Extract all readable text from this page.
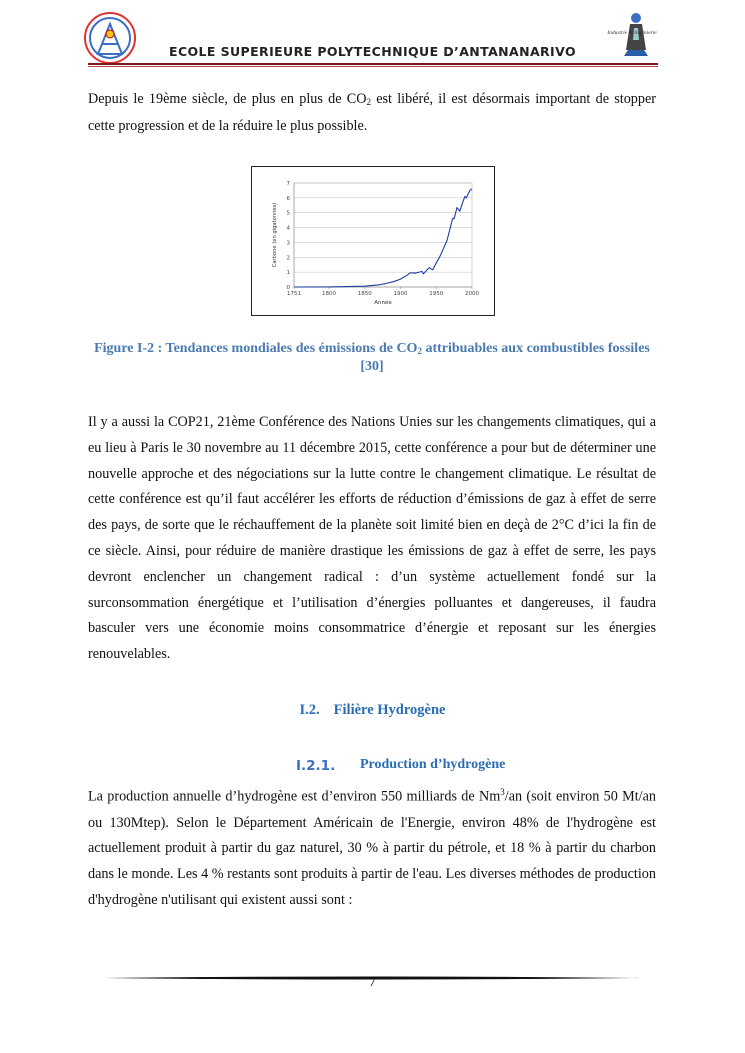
Industrie & Ingénierie
ECOLE SUPERIEURE POLYTECHNIQUE D’ANTANANARIVO
Depuis le 19ème siècle, de plus en plus de $CO_2$ est libéré, il est désormais important de stopper cette progression et de la réduire le plus possible.
0
1
2
3
4
5
6
7
1751	1800	1850	1900	1950	2000
Année
Carbone (en gigatonnes)
Figure I-2 : Tendances mondiales des émissions de $CO_2$ attribuables aux combustibles fossiles [30]
Il y a aussi la COP21, 21ème Conférence des Nations Unies sur les changements climatiques, qui a eu lieu à Paris le 30 novembre au 11 décembre 2015, cette conférence a pour but de déterminer une nouvelle approche et des négociations sur la lutte contre le changement climatique. Le résultat de cette conférence est qu’il faut accélérer les efforts de réduction d’émissions de gaz à effet de serre des pays, de sorte que le réchauffement de la planète soit limité bien en deçà de 2°C d’ici la fin de ce siècle. Ainsi, pour réduire de manière drastique les émissions de gaz à effet de serre, les pays devront enclencher un changement radical : d’un système actuellement fondé sur la surconsommation énergétique et l’utilisation d’énergies polluantes et dangereuses, il faudra basculer vers une économie moins consommatrice d’énergie et reposant sur les énergies renouvelables.
I.2. Filière Hydrogène
I.2.1. Production d’hydrogène
La production annuelle d’hydrogène est d’environ 550 milliards de Nm$^3$/an (soit environ 50 Mt/an ou 130Mtep). Selon le Département Américain de l'Energie, environ 48% de l'hydrogène est actuellement produit à partir du gaz naturel, 30 % à partir du pétrole, et 18 % à partir du charbon dans le monde. Les 4 % restants sont produits à partir de l'eau. Les diverses méthodes de production d'hydrogène n'utilisant qui existent aussi sont :
7
